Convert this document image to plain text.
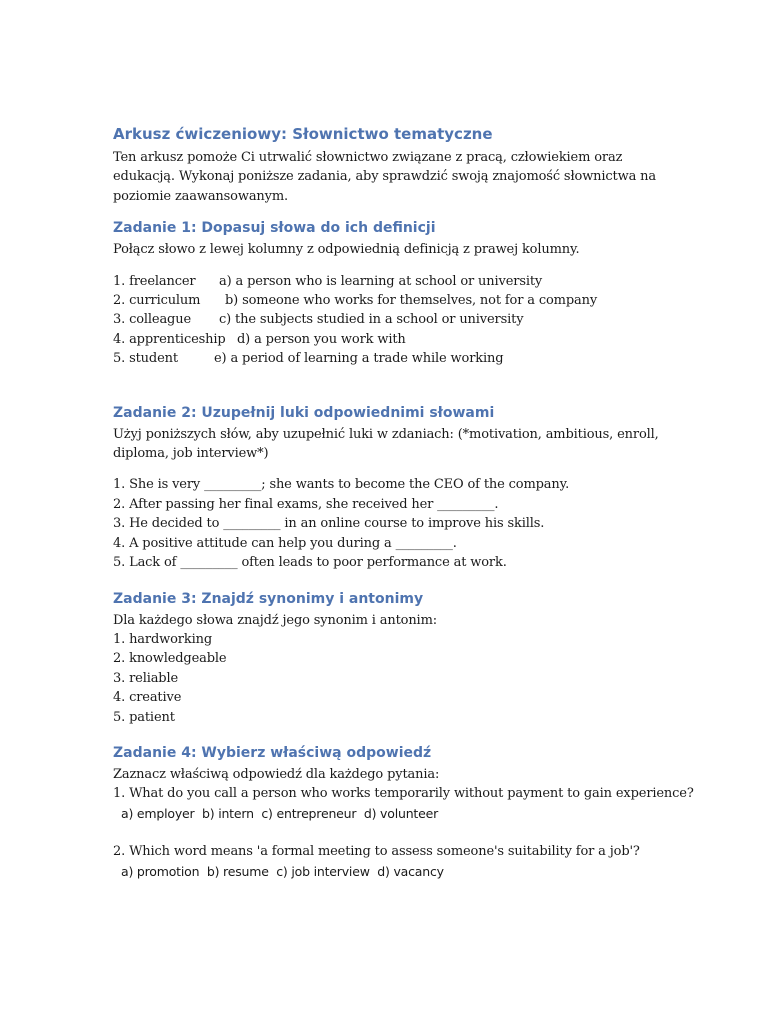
Arkusz ćwiczeniowy: Słownictwo tematyczne

Ten arkusz pomoże Ci utrwalić słownictwo związane z pracą, człowiekiem oraz edukacją. Wykonaj poniższe zadania, aby sprawdzić swoją znajomość słownictwa na poziomie zaawansowanym.

Zadanie 1: Dopasuj słowa do ich definicji

Połącz słowo z lewej kolumny z odpowiednią definicją z prawej kolumny.

1. freelancer a) a person who is learning at school or university
2. curriculum b) someone who works for themselves, not for a company
3. colleague c) the subjects studied in a school or university
4. apprenticeship d) a person you work with
5. student	e) a period of learning a trade while working
Zadanie 2: Uzupełnij luki odpowiednimi słowami

Użyj poniższych słów, aby uzupełnić luki w zdaniach: (*motivation, ambitious, enroll, diploma, job interview*)

1. She is very _________; she wants to become the CEO of the company.
2. After passing her final exams, she received her _________.
3. He decided to _________ in an online course to improve his skills.
4. A positive attitude can help you during a _________.
5. Lack of _________ often leads to poor performance at work.
Zadanie 3: Znajdź synonimy i antonimy

Dla każdego słowa znajdź jego synonim i antonim:

1. hardworking
2. knowledgeable
3. reliable
4. creative
5. patient
Zadanie 4: Wybierz właściwą odpowiedź

Zaznacz właściwą odpowiedź dla każdego pytania:

1. What do you call a person who works temporarily without payment to gain experience?
a) employer  b) intern  c) entrepreneur  d) volunteer
2. Which word means 'a formal meeting to assess someone's suitability for a job'?
a) promotion  b) resume  c) job interview  d) vacancy
